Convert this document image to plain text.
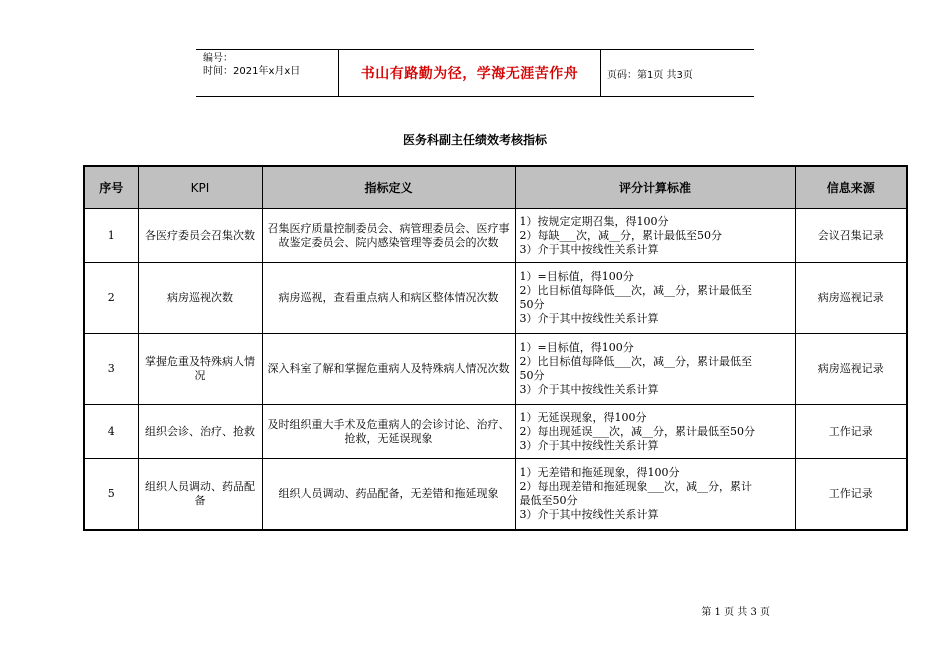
编号：
时间：2021年x月x日	书山有路勤为径，学海无涯苦作舟	页码：第1页 共3页
医务科副主任绩效考核指标
序号	KPI	指标定义	评分计算标准	信息来源
1	各医疗委员会召集次数	召集医疗质量控制委员会、病管理委员会、医疗事故鉴定委员会、院内感染管理等委员会的次数	1）按规定定期召集，得100分
2）每缺___次，减__分，累计最低至50分
3）介于其中按线性关系计算	会议召集记录
2	病房巡视次数	病房巡视，查看重点病人和病区整体情况次数	1）=目标值，得100分
2）比目标值每降低___次，减__分，累计最低至
50分
3）介于其中按线性关系计算	病房巡视记录
3	掌握危重及特殊病人情况	深入科室了解和掌握危重病人及特殊病人情况次数	1）=目标值，得100分
2）比目标值每降低___次，减__分，累计最低至
50分
3）介于其中按线性关系计算	病房巡视记录
4	组织会诊、治疗、抢救	及时组织重大手术及危重病人的会诊讨论、治疗、抢救，无延误现象	1）无延误现象，得100分
2）每出现延误___次，减__分，累计最低至50分
3）介于其中按线性关系计算	工作记录
5	组织人员调动、药品配备	组织人员调动、药品配备，无差错和拖延现象	1）无差错和拖延现象，得100分
2）每出现差错和拖延现象___次，减__分，累计
最低至50分
3）介于其中按线性关系计算	工作记录
第 1 页 共 3 页
